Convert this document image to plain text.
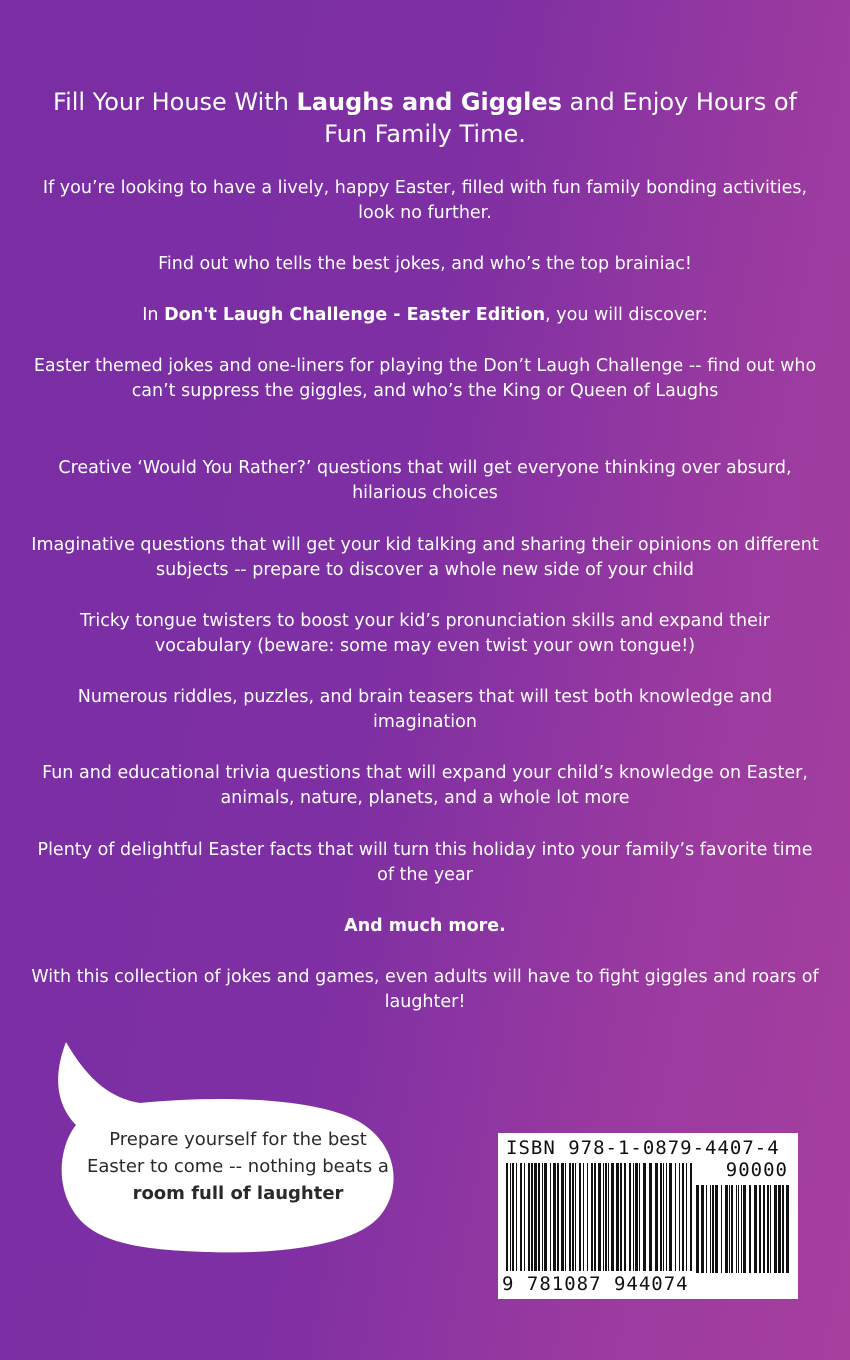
Fill Your House With Laughs and Giggles and Enjoy Hours of Fun Family Time.

If you’re looking to have a lively, happy Easter, filled with fun family bonding activities, look no further.

Find out who tells the best jokes, and who’s the top brainiac!

In Don't Laugh Challenge - Easter Edition, you will discover:

Easter themed jokes and one-liners for playing the Don’t Laugh Challenge -- find out who can’t suppress the giggles, and who’s the King or Queen of Laughs

Creative ‘Would You Rather?’ questions that will get everyone thinking over absurd, hilarious choices

Imaginative questions that will get your kid talking and sharing their opinions on different subjects -- prepare to discover a whole new side of your child

Tricky tongue twisters to boost your kid’s pronunciation skills and expand their vocabulary (beware: some may even twist your own tongue!)

Numerous riddles, puzzles, and brain teasers that will test both knowledge and imagination

Fun and educational trivia questions that will expand your child’s knowledge on Easter, animals, nature, planets, and a whole lot more

Plenty of delightful Easter facts that will turn this holiday into your family’s favorite time of the year

And much more.

With this collection of jokes and games, even adults will have to fight giggles and roars of laughter!

Prepare yourself for the best Easter to come -- nothing beats a room full of laughter

ISBN 978-1-0879-4407-4

90000

9 781087 944074
